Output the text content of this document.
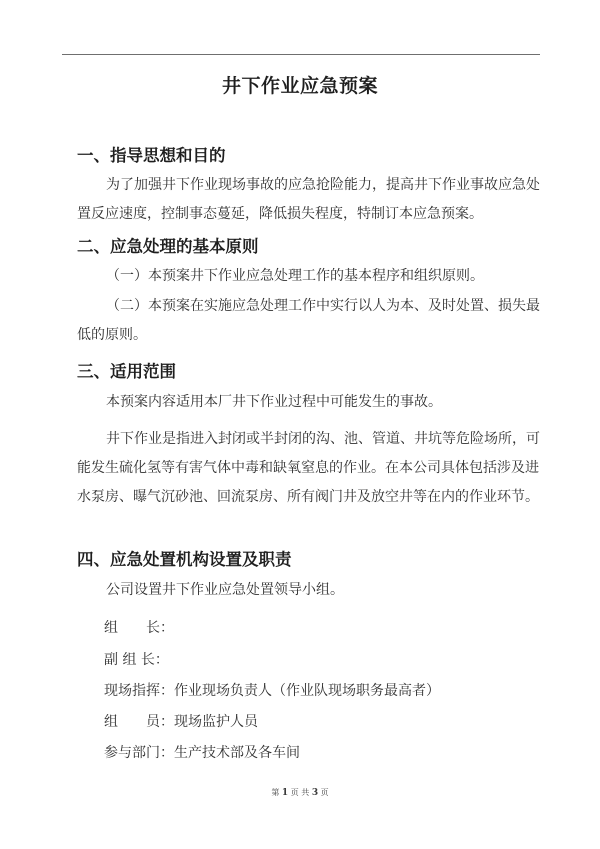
井下作业应急预案
一、指导思想和目的
为了加强井下作业现场事故的应急抢险能力，提高井下作业事故应急处置反应速度，控制事态蔓延，降低损失程度，特制订本应急预案。
二、应急处理的基本原则
（一）本预案井下作业应急处理工作的基本程序和组织原则。
（二）本预案在实施应急处理工作中实行以人为本、及时处置、损失最低的原则。
三、适用范围
本预案内容适用本厂井下作业过程中可能发生的事故。
井下作业是指进入封闭或半封闭的沟、池、管道、井坑等危险场所，可能发生硫化氢等有害气体中毒和缺氧窒息的作业。在本公司具体包括涉及进水泵房、曝气沉砂池、回流泵房、所有阀门井及放空井等在内的作业环节。
四、应急处置机构设置及职责
公司设置井下作业应急处置领导小组。
组　　长：
副 组 长：
现场指挥：作业现场负责人（作业队现场职务最高者）
组　　员：现场监护人员
参与部门：生产技术部及各车间
第 1 页 共 3 页
